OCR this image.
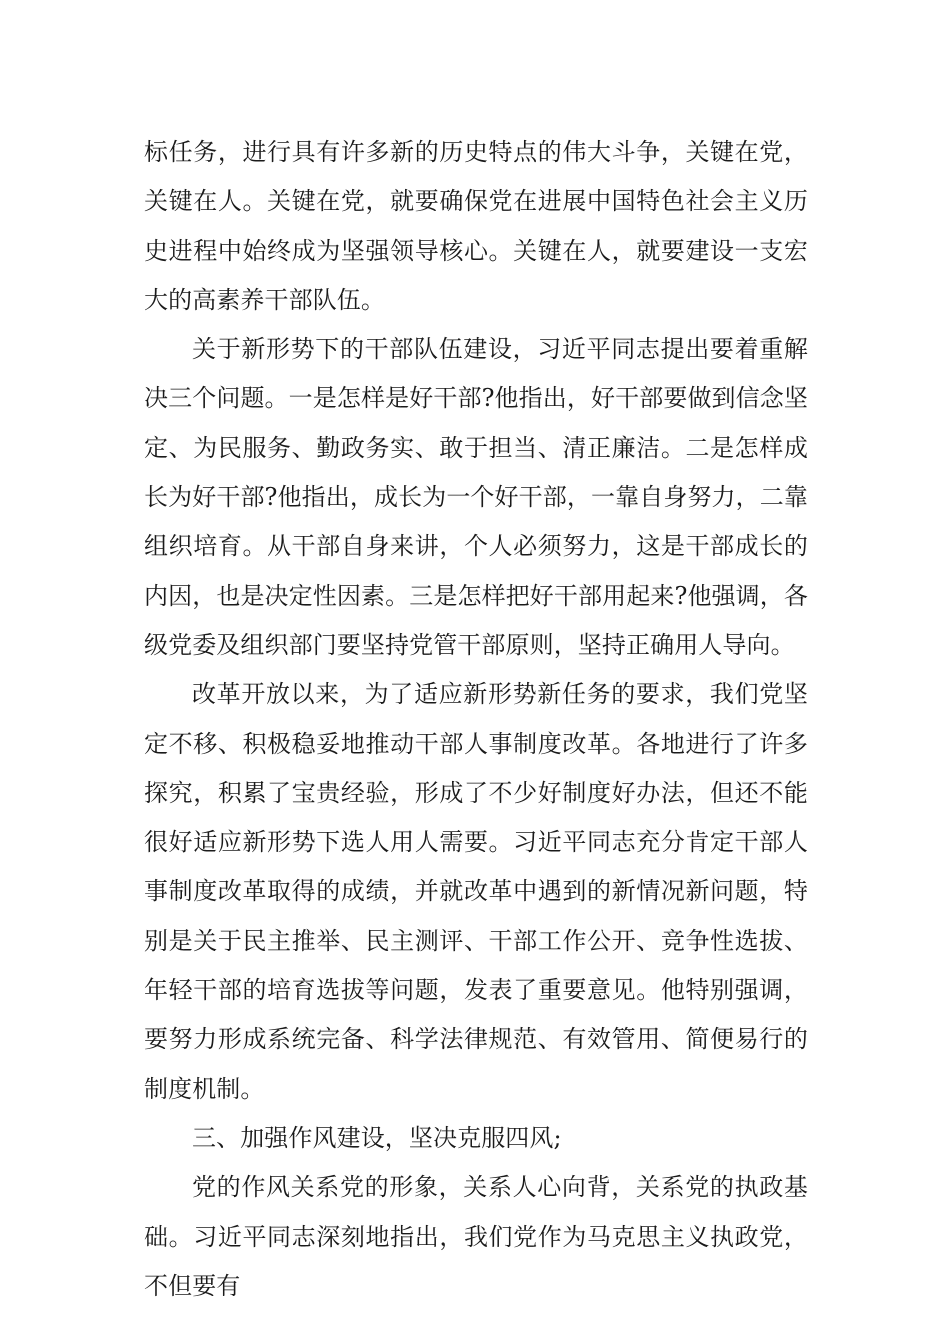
标任务，进行具有许多新的历史特点的伟大斗争，关键在党，关键在人。关键在党，就要确保党在进展中国特色社会主义历史进程中始终成为坚强领导核心。关键在人，就要建设一支宏大的高素养干部队伍。

关于新形势下的干部队伍建设，习近平同志提出要着重解决三个问题。一是怎样是好干部?他指出，好干部要做到信念坚定、为民服务、勤政务实、敢于担当、清正廉洁。二是怎样成长为好干部?他指出，成长为一个好干部，一靠自身努力，二靠组织培育。从干部自身来讲，个人必须努力，这是干部成长的内因，也是决定性因素。三是怎样把好干部用起来?他强调，各级党委及组织部门要坚持党管干部原则，坚持正确用人导向。

改革开放以来，为了适应新形势新任务的要求，我们党坚定不移、积极稳妥地推动干部人事制度改革。各地进行了许多探究，积累了宝贵经验，形成了不少好制度好办法，但还不能很好适应新形势下选人用人需要。习近平同志充分肯定干部人事制度改革取得的成绩，并就改革中遇到的新情况新问题，特别是关于民主推举、民主测评、干部工作公开、竞争性选拔、年轻干部的培育选拔等问题，发表了重要意见。他特别强调，要努力形成系统完备、科学法律规范、有效管用、简便易行的制度机制。

三、加强作风建设，坚决克服四风;

党的作风关系党的形象，关系人心向背，关系党的执政基础。习近平同志深刻地指出，我们党作为马克思主义执政党，不但要有
